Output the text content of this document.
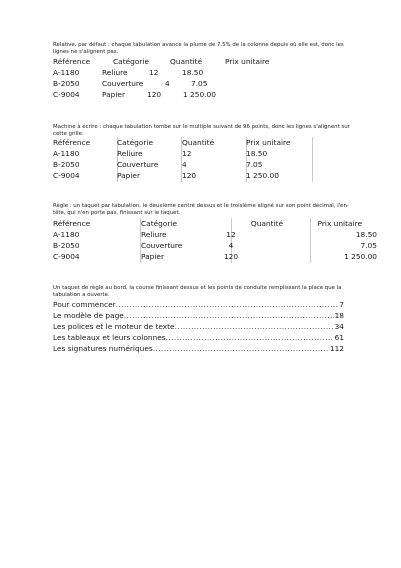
Relative, par défaut : chaque tabulation avance la plume de 7.5% de la colonne depuis où elle est, donc les lignes ne s'alignent pas.
Référence	Catégorie	Quantité	Prix unitaire
A-1180	Reliure	12	18.50
B-2050	Couverture	4	7.05
C-9004	Papier	120	1 250.00
Machine à écrire : chaque tabulation tombe sur le multiple suivant de 96 points, donc les lignes s'alignent sur cette grille.
Référence	Catégorie	Quantité	Prix unitaire
A-1180	Reliure	12	18.50
B-2050	Couverture	4	7.05
C-9004	Papier	120	1 250.00
Règle : un taquet par tabulation, le deuxième centré dessus et le troisième aligné sur son point décimal, l'en-tête, qui n'en porte pas, finissant sur le taquet.
Référence	Catégorie	Quantité	Prix unitaire
A-1180	Reliure	12	18.50
B-2050	Couverture	4	7.05
C-9004	Papier	120	1 250.00
Un taquet de règle au bord, la course finissant dessus et les points de conduite remplissant la place que la tabulation a ouverte.
Pour commencer .....	7
Le modèle de page .....	18
Les polices et le moteur de texte .....	34
Les tableaux et leurs colonnes .....	61
Les signatures numériques .....	112
